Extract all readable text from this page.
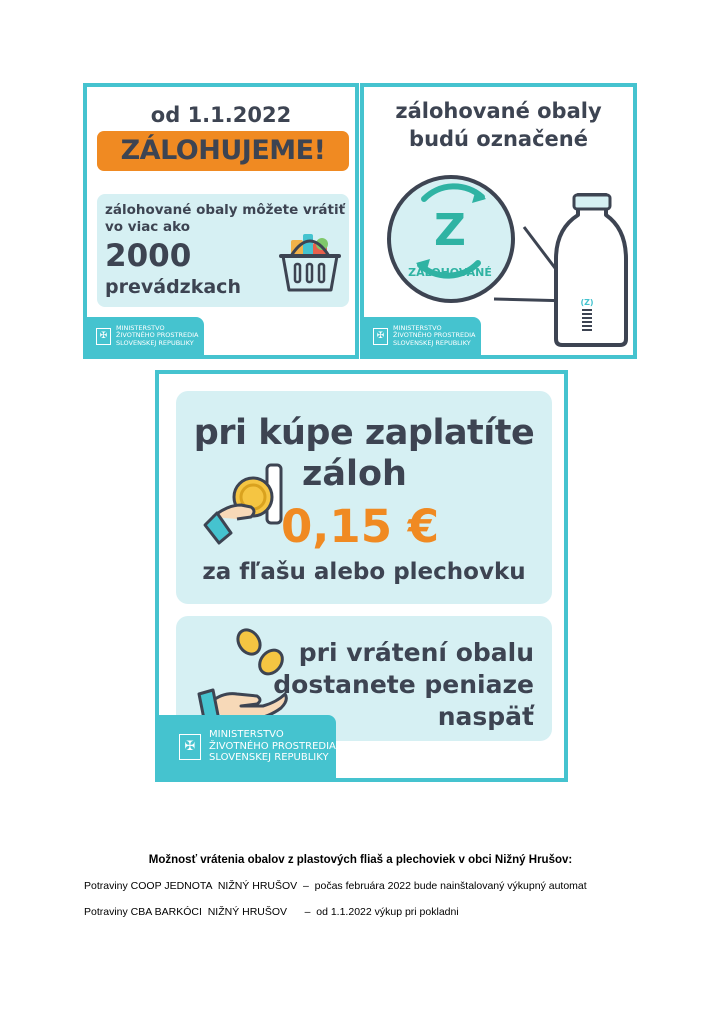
od 1.1.2022
ZÁLOHUJEME!
zálohované obaly môžete vrátiť
vo viac ako
2000
prevádzkach
✠
MINISTERSTVO
ŽIVOTNÉHO PROSTREDIA
SLOVENSKEJ REPUBLIKY
zálohované obaly
budú označené
(Z)
Z
ZÁLOHOVANÉ
✠
MINISTERSTVO
ŽIVOTNÉHO PROSTREDIA
SLOVENSKEJ REPUBLIKY
pri kúpe zaplatíte
záloh
0,15 €
za fľašu alebo plechovku
pri vrátení obalu
dostanete peniaze
naspäť
✠
MINISTERSTVO
ŽIVOTNÉHO PROSTREDIA
SLOVENSKEJ REPUBLIKY
Možnosť vrátenia obalov z plastových fliaš a plechoviek v obci Nižný Hrušov:
Potraviny COOP JEDNOTA  NIŽNÝ HRUŠOV  –  počas februára 2022 bude nainštalovaný výkupný automat
Potraviny CBA BARKÓCI  NIŽNÝ HRUŠOV      –  od 1.1.2022 výkup pri pokladni
